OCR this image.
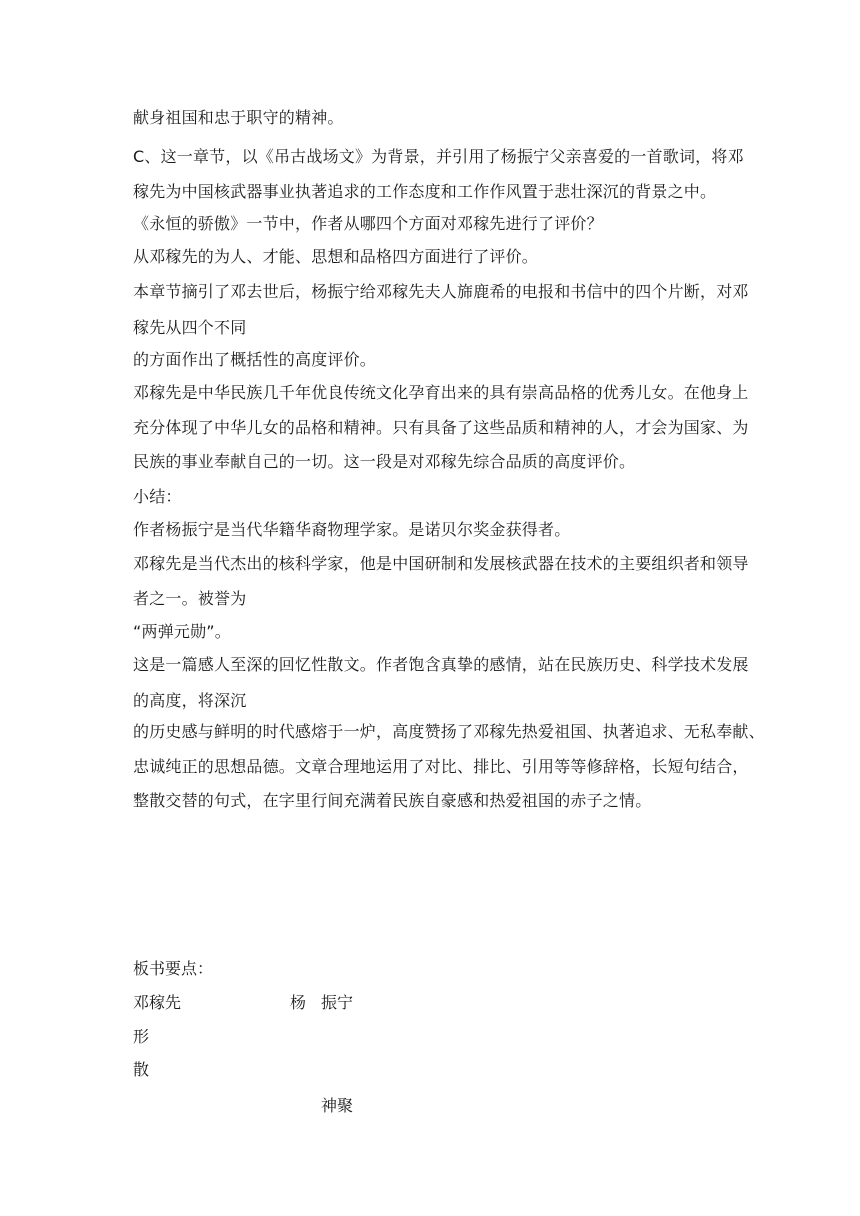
献身祖国和忠于职守的精神。
C、这一章节，以《吊古战场文》为背景，并引用了杨振宁父亲喜爱的一首歌词，将邓
稼先为中国核武器事业执著追求的工作态度和工作作风置于悲壮深沉的背景之中。
《永恒的骄傲》一节中，作者从哪四个方面对邓稼先进行了评价？
从邓稼先的为人、才能、思想和品格四方面进行了评价。
本章节摘引了邓去世后，杨振宁给邓稼先夫人旆鹿希的电报和书信中的四个片断，对邓
稼先从四个不同
的方面作出了概括性的高度评价。
邓稼先是中华民族几千年优良传统文化孕育出来的具有崇高品格的优秀儿女。在他身上
充分体现了中华儿女的品格和精神。只有具备了这些品质和精神的人，才会为国家、为
民族的事业奉献自己的一切。这一段是对邓稼先综合品质的高度评价。
小结：
作者杨振宁是当代华籍华裔物理学家。是诺贝尔奖金获得者。
邓稼先是当代杰出的核科学家，他是中国研制和发展核武器在技术的主要组织者和领导
者之一。被誉为
“两弹元勋”。
这是一篇感人至深的回忆性散文。作者饱含真挚的感情，站在民族历史、科学技术发展
的高度，将深沉
的历史感与鲜明的时代感熔于一炉，高度赞扬了邓稼先热爱祖国、执著追求、无私奉献、
忠诚纯正的思想品德。文章合理地运用了对比、排比、引用等等修辞格，长短句结合，
整散交替的句式，在字里行间充满着民族自豪感和热爱祖国的赤子之情。
板书要点：
邓稼先	杨 振宁
形
散
神聚
